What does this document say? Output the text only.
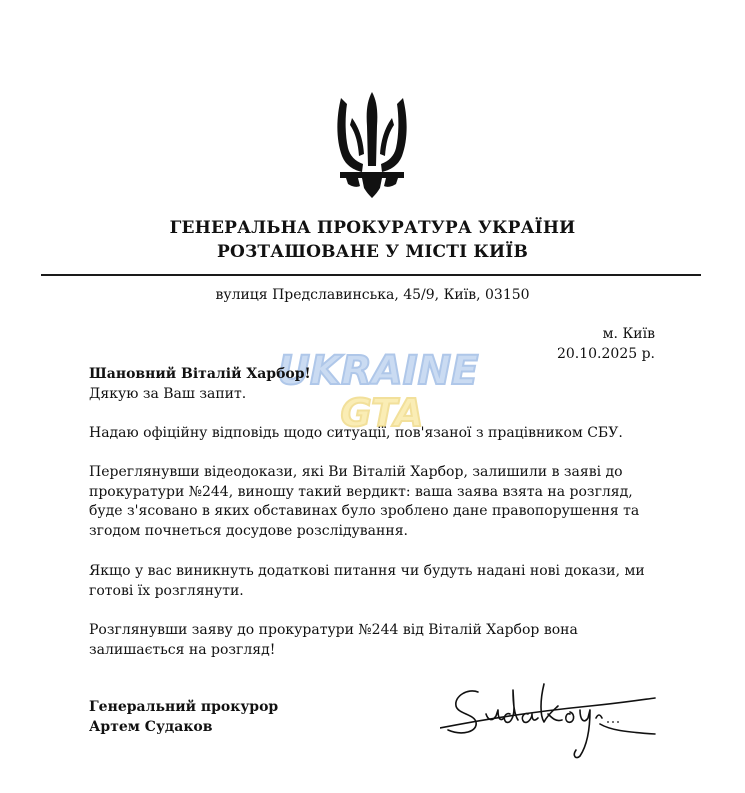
ГЕНЕРАЛЬНА ПРОКУРАТУРА УКРАЇНИ
РОЗТАШОВАНЕ У МІСТІ КИЇВ
вулиця Предславинська, 45/9, Київ, 03150
м. Київ
20.10.2025 р.
UKRAINE
GTA
Шановний Віталій Харбор!
Дякую за Ваш запит.
Надаю офіційну відповідь щодо ситуації, пов'язаної з працівником СБУ.
Переглянувши відеодокази, які Ви Віталій Харбор, залишили в заяві до прокуратури №244, виношу такий вердикт: ваша заява взята на розгляд, буде з'ясовано в яких обставинах було зроблено дане правопорушення та згодом почнеться досудове розслідування.
Якщо у вас виникнуть додаткові питання чи будуть надані нові докази, ми готові їх розглянути.
Розглянувши заяву до прокуратури №244 від Віталій Харбор вона залишається на розгляд!
Генеральний прокурор
Артем Судаков
